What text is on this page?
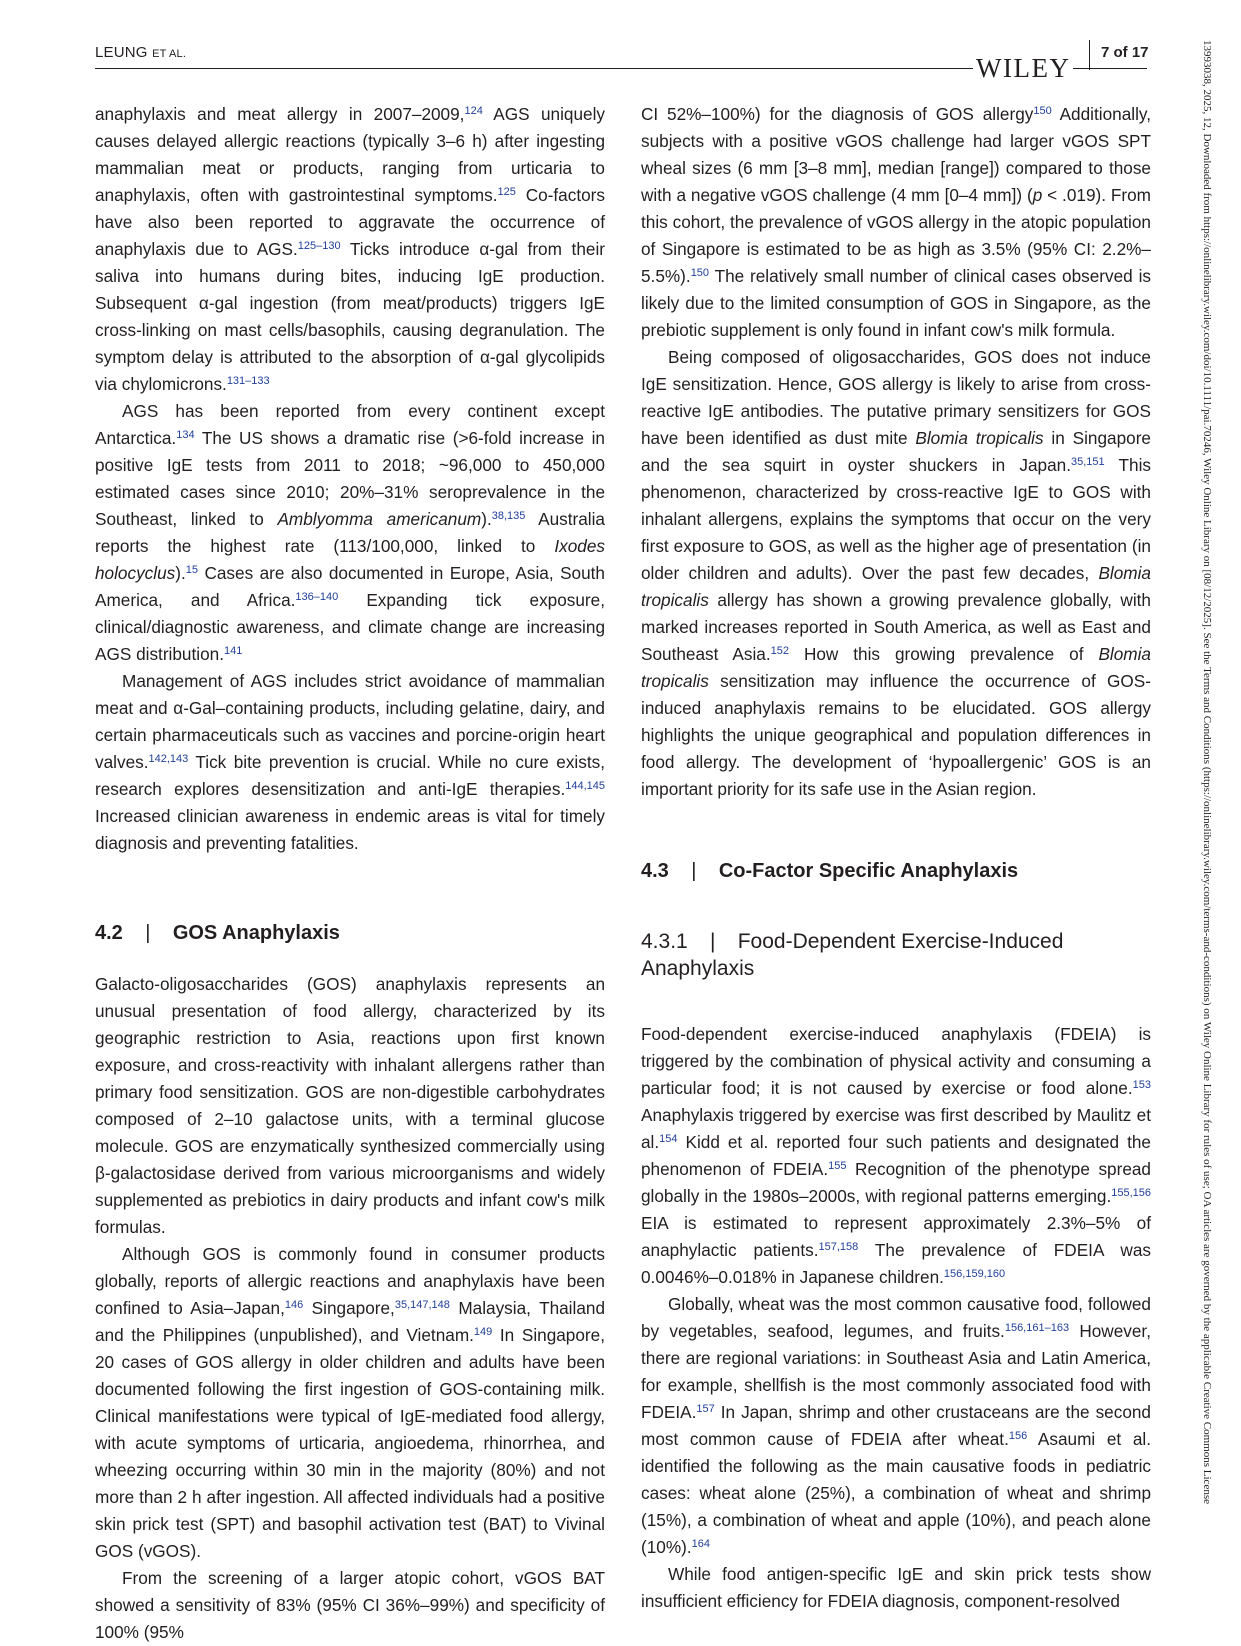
LEUNG ET AL.	WILEY
7 of 17	13993038, 2025, 12, Downloaded from https://onlinelibrary.wiley.com/doi/10.1111/pai.70246, Wiley Online Library on [08/12/2025]. See the Terms and Conditions (https://onlinelibrary.wiley.com/terms-and-conditions) on Wiley Online Library for rules of use; OA articles are governed by the applicable Creative Commons License

anaphylaxis and meat allergy in 2007–2009,$^{124}$ AGS uniquely causes delayed allergic reactions (typically 3–6 h) after ingesting mammalian meat or products, ranging from urticaria to anaphylaxis, often with gastrointestinal symptoms.$^{125}$ Co-factors have also been reported to aggravate the occurrence of anaphylaxis due to AGS.$^{125-130}$ Ticks introduce α-gal from their saliva into humans during bites, inducing IgE production. Subsequent α-gal ingestion (from meat/products) triggers IgE cross-linking on mast cells/basophils, causing degranulation. The symptom delay is attributed to the absorption of α-gal glycolipids via chylomicrons.$^{131-133}$

AGS has been reported from every continent except Antarctica.$^{134}$ The US shows a dramatic rise (>6-fold increase in positive IgE tests from 2011 to 2018; ~96,000 to 450,000 estimated cases since 2010; 20%–31% seroprevalence in the Southeast, linked to Amblyomma americanum).$^{38,135}$ Australia reports the highest rate (113/100,000, linked to Ixodes holocyclus).$^{15}$ Cases are also documented in Europe, Asia, South America, and Africa.$^{136-140}$ Expanding tick exposure, clinical/diagnostic awareness, and climate change are increasing AGS distribution.$^{141}$

Management of AGS includes strict avoidance of mammalian meat and α-Gal–containing products, including gelatine, dairy, and certain pharmaceuticals such as vaccines and porcine-origin heart valves.$^{142,143}$ Tick bite prevention is crucial. While no cure exists, research explores desensitization and anti-IgE therapies.$^{144,145}$ Increased clinician awareness in endemic areas is vital for timely diagnosis and preventing fatalities.

4.2 | GOS Anaphylaxis

Galacto-oligosaccharides (GOS) anaphylaxis represents an unusual presentation of food allergy, characterized by its geographic restriction to Asia, reactions upon first known exposure, and cross-reactivity with inhalant allergens rather than primary food sensitization. GOS are non-digestible carbohydrates composed of 2–10 galactose units, with a terminal glucose molecule. GOS are enzymatically synthesized commercially using β-galactosidase derived from various microorganisms and widely supplemented as prebiotics in dairy products and infant cow's milk formulas.

Although GOS is commonly found in consumer products globally, reports of allergic reactions and anaphylaxis have been confined to Asia–Japan,$^{146}$ Singapore,$^{35,147,148}$ Malaysia, Thailand and the Philippines (unpublished), and Vietnam.$^{149}$ In Singapore, 20 cases of GOS allergy in older children and adults have been documented following the first ingestion of GOS-containing milk. Clinical manifestations were typical of IgE-mediated food allergy, with acute symptoms of urticaria, angioedema, rhinorrhea, and wheezing occurring within 30 min in the majority (80%) and not more than 2 h after ingestion. All affected individuals had a positive skin prick test (SPT) and basophil activation test (BAT) to Vivinal GOS (vGOS).

From the screening of a larger atopic cohort, vGOS BAT showed a sensitivity of 83% (95% CI 36%–99%) and specificity of 100% (95%

CI 52%–100%) for the diagnosis of GOS allergy$^{150}$ Additionally, subjects with a positive vGOS challenge had larger vGOS SPT wheal sizes (6 mm [3–8 mm], median [range]) compared to those with a negative vGOS challenge (4 mm [0–4 mm]) (p < .019). From this cohort, the prevalence of vGOS allergy in the atopic population of Singapore is estimated to be as high as 3.5% (95% CI: 2.2%–5.5%).$^{150}$ The relatively small number of clinical cases observed is likely due to the limited consumption of GOS in Singapore, as the prebiotic supplement is only found in infant cow's milk formula.

Being composed of oligosaccharides, GOS does not induce IgE sensitization. Hence, GOS allergy is likely to arise from cross-reactive IgE antibodies. The putative primary sensitizers for GOS have been identified as dust mite Blomia tropicalis in Singapore and the sea squirt in oyster shuckers in Japan.$^{35,151}$ This phenomenon, characterized by cross-reactive IgE to GOS with inhalant allergens, explains the symptoms that occur on the very first exposure to GOS, as well as the higher age of presentation (in older children and adults). Over the past few decades, Blomia tropicalis allergy has shown a growing prevalence globally, with marked increases reported in South America, as well as East and Southeast Asia.$^{152}$ How this growing prevalence of Blomia tropicalis sensitization may influence the occurrence of GOS-induced anaphylaxis remains to be elucidated. GOS allergy highlights the unique geographical and population differences in food allergy. The development of ‘hypoallergenic’ GOS is an important priority for its safe use in the Asian region.

4.3 | Co-Factor Specific Anaphylaxis
4.3.1 | Food-Dependent Exercise-Induced Anaphylaxis

Food-dependent exercise-induced anaphylaxis (FDEIA) is triggered by the combination of physical activity and consuming a particular food; it is not caused by exercise or food alone.$^{153}$ Anaphylaxis triggered by exercise was first described by Maulitz et al.$^{154}$ Kidd et al. reported four such patients and designated the phenomenon of FDEIA.$^{155}$ Recognition of the phenotype spread globally in the 1980s–2000s, with regional patterns emerging.$^{155,156}$ EIA is estimated to represent approximately 2.3%–5% of anaphylactic patients.$^{157,158}$ The prevalence of FDEIA was 0.0046%–0.018% in Japanese children.$^{156,159,160}$

Globally, wheat was the most common causative food, followed by vegetables, seafood, legumes, and fruits.$^{156,161-163}$ However, there are regional variations: in Southeast Asia and Latin America, for example, shellfish is the most commonly associated food with FDEIA.$^{157}$ In Japan, shrimp and other crustaceans are the second most common cause of FDEIA after wheat.$^{156}$ Asaumi et al. identified the following as the main causative foods in pediatric cases: wheat alone (25%), a combination of wheat and shrimp (15%), a combination of wheat and apple (10%), and peach alone (10%).$^{164}$

While food antigen-specific IgE and skin prick tests show insufficient efficiency for FDEIA diagnosis, component-resolved
